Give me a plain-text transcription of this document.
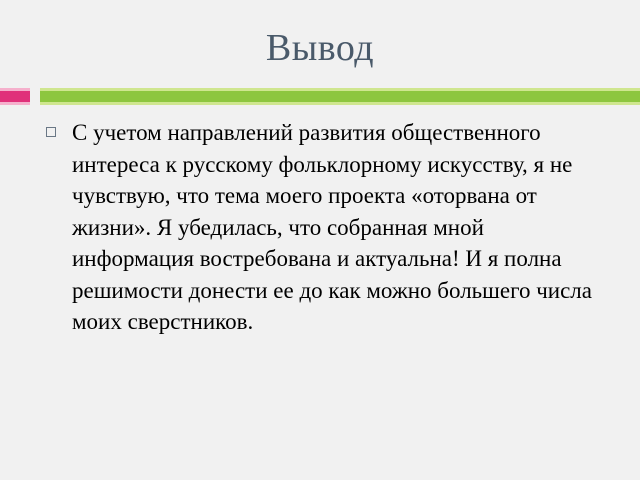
Вывод
С учетом направлений развития общественного интереса к русскому фольклорному искусству, я не чувствую, что тема моего проекта «оторвана от жизни». Я убедилась, что собранная мной информация востребована и актуальна! И я полна решимости донести ее до как можно большего числа моих сверстников.
